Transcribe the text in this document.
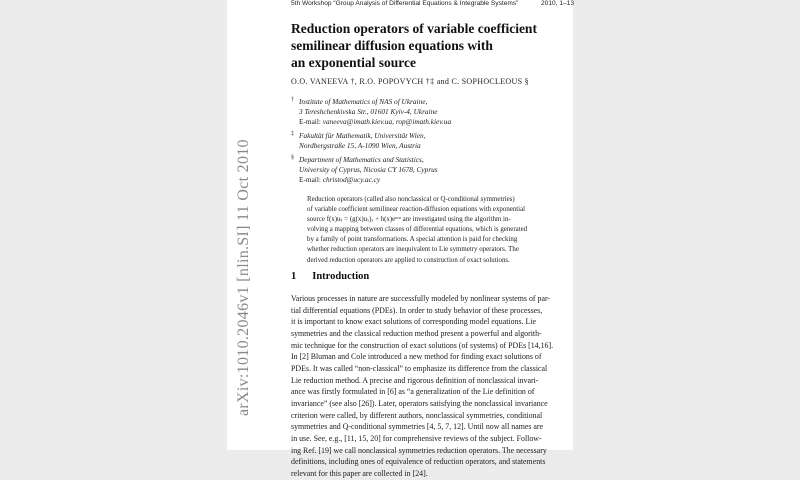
arXiv:1010.2046v1 [nlin.SI] 11 Oct 2010
5th Workshop “Group Analysis of Differential Equations & Integrable Systems”	2010, 1–13
Reduction operators of variable coefficient
semilinear diffusion equations with
an exponential source
O.O. VANEEVA †, R.O. POPOVYCH †‡ and C. SOPHOCLEOUS §
† Institute of Mathematics of NAS of Ukraine,
3 Tereshchenkivska Str., 01601 Kyiv-4, Ukraine
E-mail: vaneeva@imath.kiev.ua, rop@imath.kiev.ua
‡ Fakultät für Mathematik, Universität Wien,
Nordbergstraße 15, A-1090 Wien, Austria
§ Department of Mathematics and Statistics,
University of Cyprus, Nicosia CY 1678, Cyprus
E-mail: christod@ucy.ac.cy
Reduction operators (called also nonclassical or Q-conditional symmetries)
of variable coefficient semilinear reaction-diffusion equations with exponential
source f(x)uₜ = (g(x)uₓ)ₓ + h(x)eᵐᵘ are investigated using the algorithm in-
volving a mapping between classes of differential equations, which is generated
by a family of point transformations. A special attention is paid for checking
whether reduction operators are inequivalent to Lie symmetry operators. The
derived reduction operators are applied to construction of exact solutions.
1 Introduction
Various processes in nature are successfully modeled by nonlinear systems of par-
tial differential equations (PDEs). In order to study behavior of these processes,
it is important to know exact solutions of corresponding model equations. Lie
symmetries and the classical reduction method present a powerful and algorith-
mic technique for the construction of exact solutions (of systems) of PDEs [14,16].
In [2] Bluman and Cole introduced a new method for finding exact solutions of
PDEs. It was called “non-classical” to emphasize its difference from the classical
Lie reduction method. A precise and rigorous definition of nonclassical invari-
ance was firstly formulated in [6] as “a generalization of the Lie definition of
invariance” (see also [26]). Later, operators satisfying the nonclassical invariance
criterion were called, by different authors, nonclassical symmetries, conditional
symmetries and Q-conditional symmetries [4, 5, 7, 12]. Until now all names are
in use. See, e.g., [11, 15, 20] for comprehensive reviews of the subject. Follow-
ing Ref. [19] we call nonclassical symmetries reduction operators. The necessary
definitions, including ones of equivalence of reduction operators, and statements
relevant for this paper are collected in [24].
